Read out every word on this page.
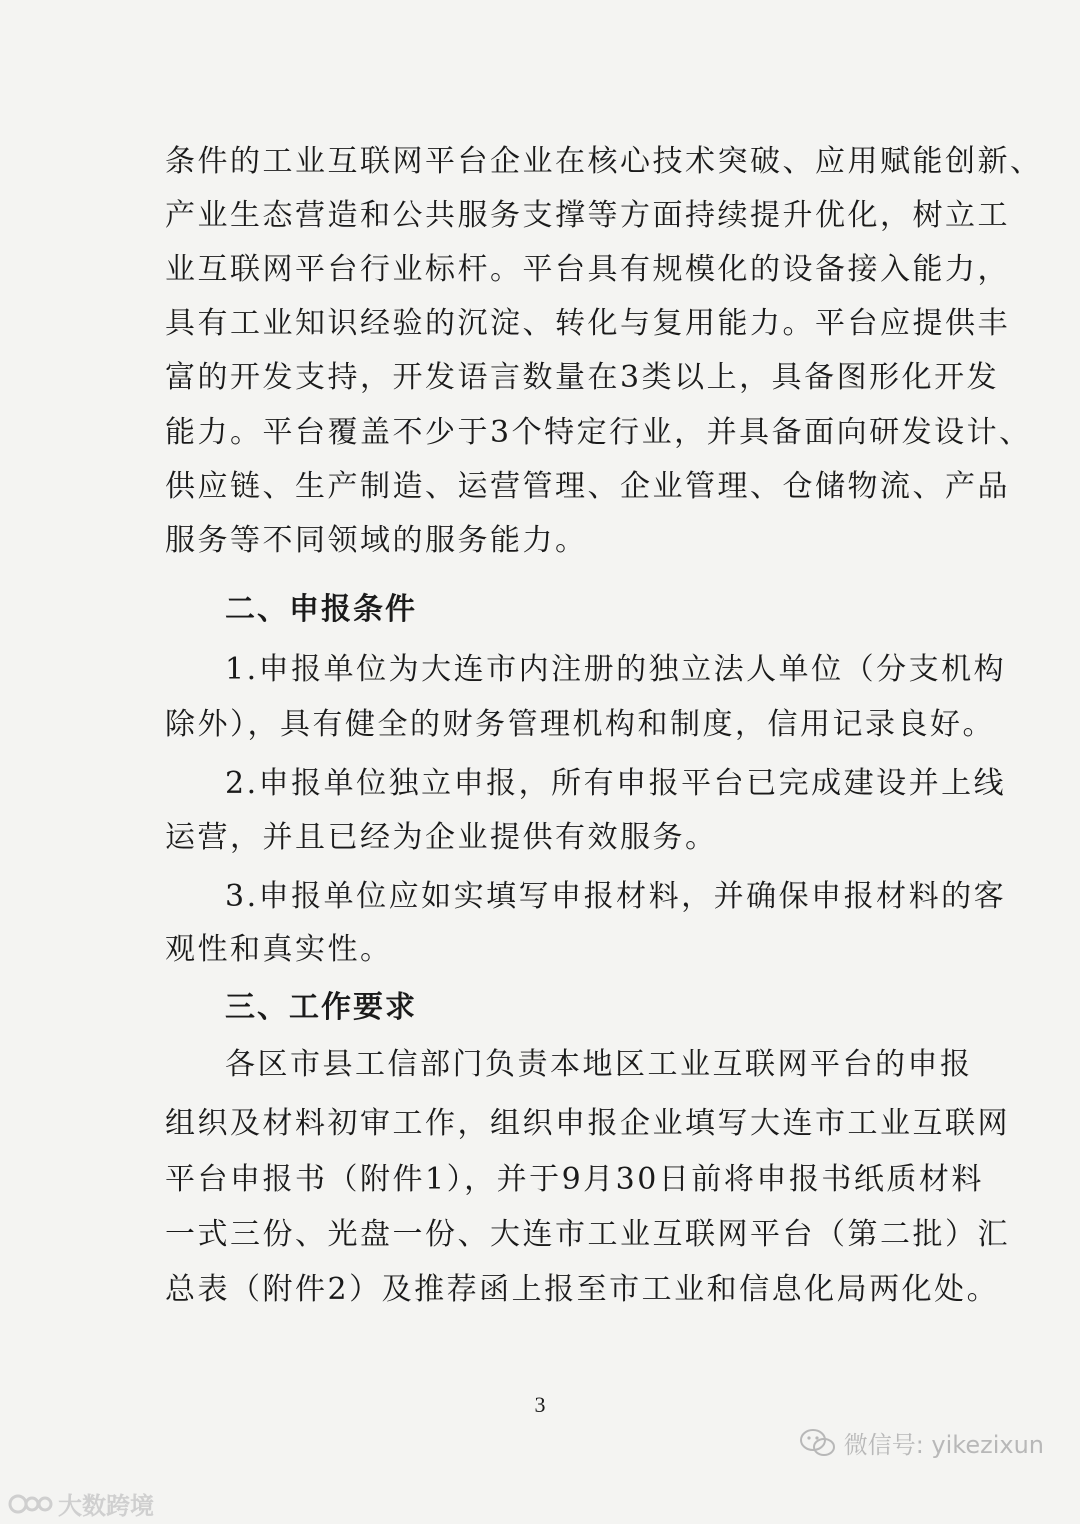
条件的工业互联网平台企业在核心技术突破、应用赋能创新、
产业生态营造和公共服务支撑等方面持续提升优化，树立工
业互联网平台行业标杆。平台具有规模化的设备接入能力，
具有工业知识经验的沉淀、转化与复用能力。平台应提供丰
富的开发支持，开发语言数量在3类以上，具备图形化开发
能力。平台覆盖不少于3个特定行业，并具备面向研发设计、
供应链、生产制造、运营管理、企业管理、仓储物流、产品
服务等不同领域的服务能力。
二、申报条件
1.申报单位为大连市内注册的独立法人单位（分支机构
除外），具有健全的财务管理机构和制度，信用记录良好。
2.申报单位独立申报，所有申报平台已完成建设并上线
运营，并且已经为企业提供有效服务。
3.申报单位应如实填写申报材料，并确保申报材料的客
观性和真实性。
三、工作要求
各区市县工信部门负责本地区工业互联网平台的申报
组织及材料初审工作，组织申报企业填写大连市工业互联网
平台申报书（附件1），并于9月30日前将申报书纸质材料
一式三份、光盘一份、大连市工业互联网平台（第二批）汇
总表（附件2）及推荐函上报至市工业和信息化局两化处。
3
微信号: yikezixun
大数跨境
